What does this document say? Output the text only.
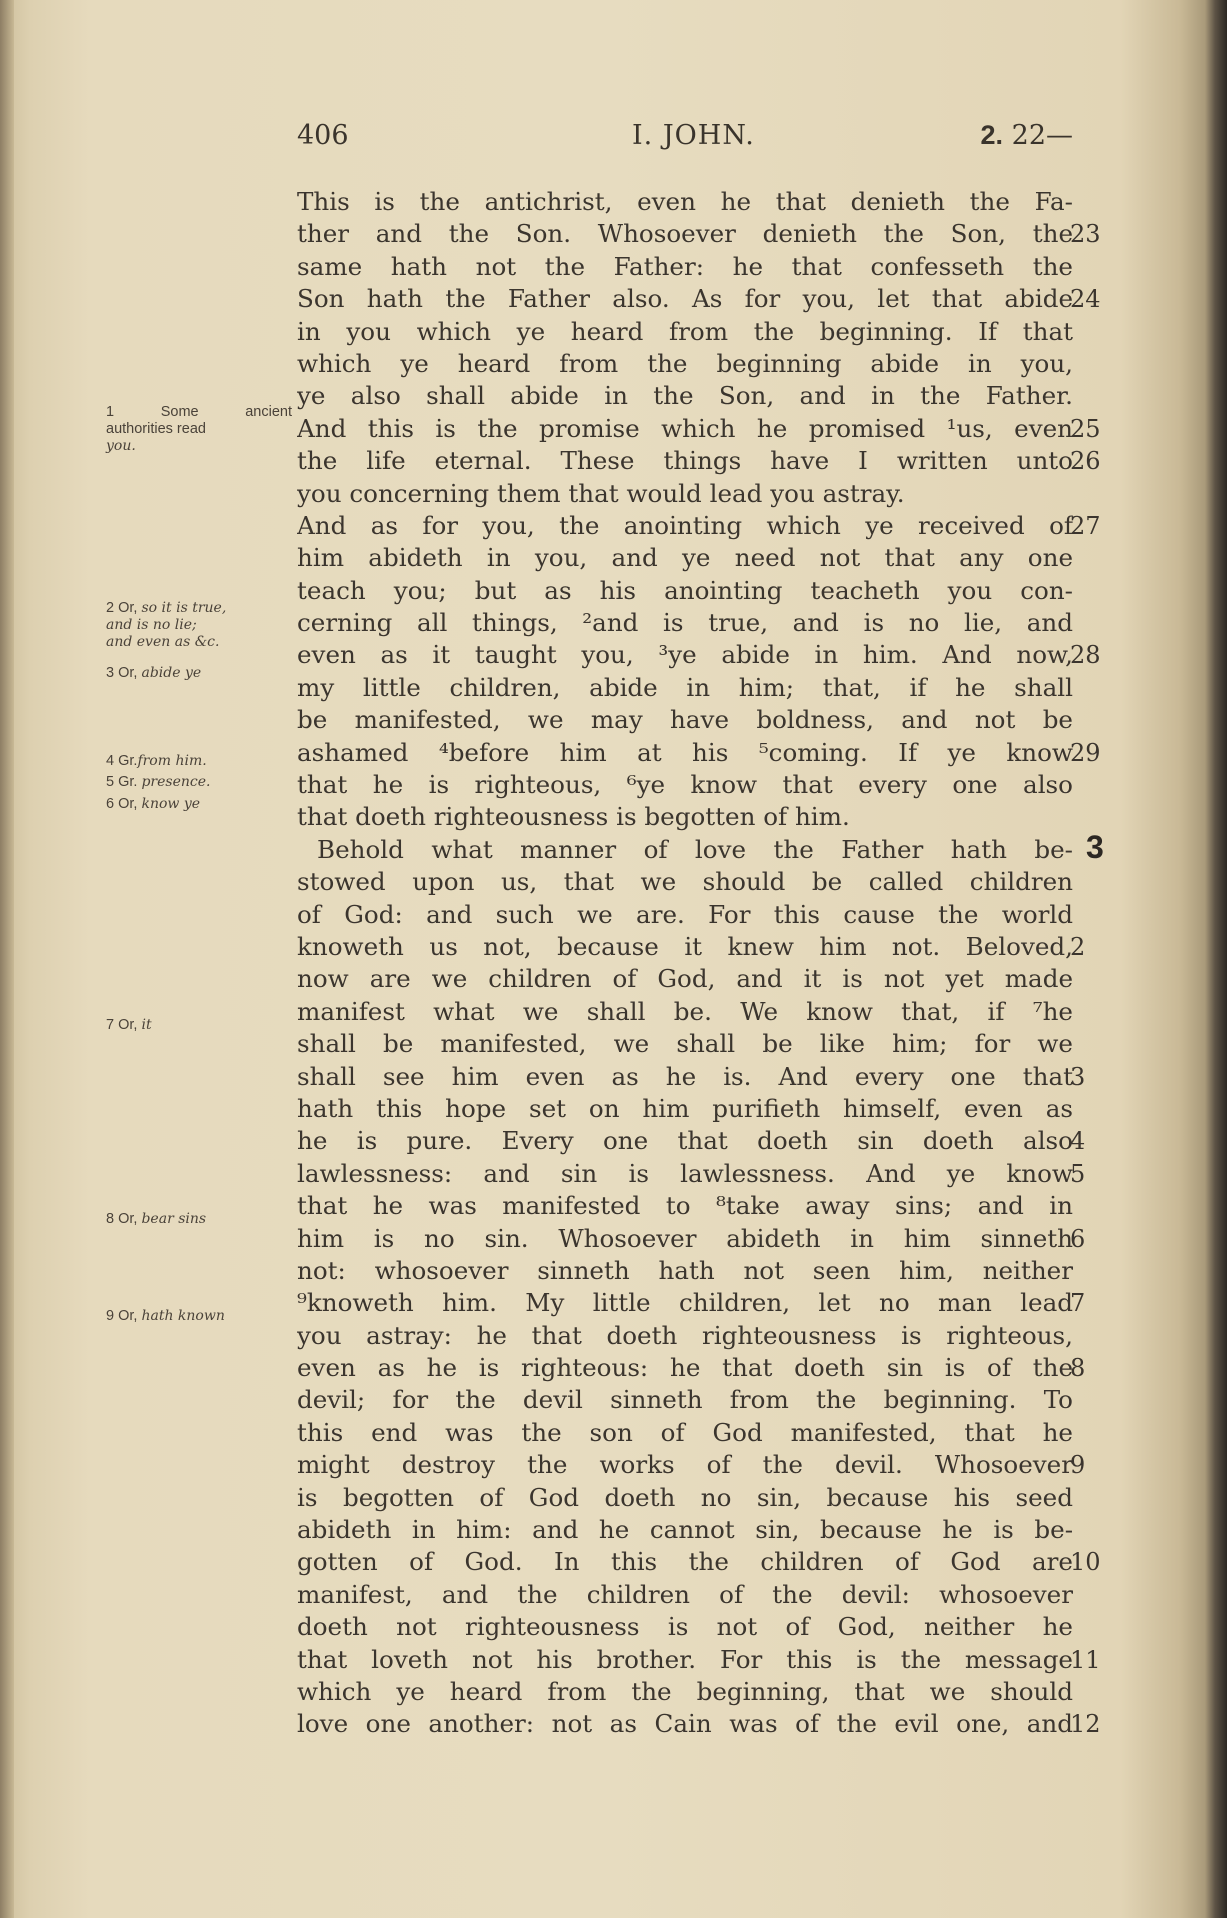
406	I. JOHN.	2. 22—
1 Some ancient
authorities read
you.
2 Or, so it is true,
and is no lie;
and even as &c.
3 Or, abide ye
4 Gr.from him.
5 Gr. presence.
6 Or, know ye
7 Or, it
8 Or, bear sins
9 Or, hath known
This is the antichrist, even he that denieth the Fa-
ther and the Son. Whosoever denieth the Son, the
23
same hath not the Father: he that confesseth the
Son hath the Father also. As for you, let that abide
24
in you which ye heard from the beginning. If that
which ye heard from the beginning abide in you,
ye also shall abide in the Son, and in the Father.
And this is the promise which he promised ¹us, even
25
the life eternal. These things have I written unto
26
you concerning them that would lead you astray.
And as for you, the anointing which ye received of
27
him abideth in you, and ye need not that any one
teach you; but as his anointing teacheth you con-
cerning all things, ²and is true, and is no lie, and
even as it taught you, ³ye abide in him. And now,
28
my little children, abide in him; that, if he shall
be manifested, we may have boldness, and not be
ashamed ⁴before him at his ⁵coming. If ye know
29
that he is righteous, ⁶ye know that every one also
that doeth righteousness is begotten of him.
Behold what manner of love the Father hath be- 3
stowed upon us, that we should be called children
of God: and such we are. For this cause the world
knoweth us not, because it knew him not. Beloved,
2
now are we children of God, and it is not yet made
manifest what we shall be. We know that, if ⁷he
shall be manifested, we shall be like him; for we
shall see him even as he is. And every one that
3
hath this hope set on him purifieth himself, even as
he is pure. Every one that doeth sin doeth also
4
lawlessness: and sin is lawlessness. And ye know
5
that he was manifested to ⁸take away sins; and in
him is no sin. Whosoever abideth in him sinneth
6
not: whosoever sinneth hath not seen him, neither
⁹knoweth him. My little children, let no man lead
7
you astray: he that doeth righteousness is righteous,
even as he is righteous: he that doeth sin is of the
8
devil; for the devil sinneth from the beginning. To
this end was the son of God manifested, that he
might destroy the works of the devil. Whosoever
9
is begotten of God doeth no sin, because his seed
abideth in him: and he cannot sin, because he is be-
gotten of God. In this the children of God are
10
manifest, and the children of the devil: whosoever
doeth not righteousness is not of God, neither he
that loveth not his brother. For this is the message
11
which ye heard from the beginning, that we should
love one another: not as Cain was of the evil one, and
12
